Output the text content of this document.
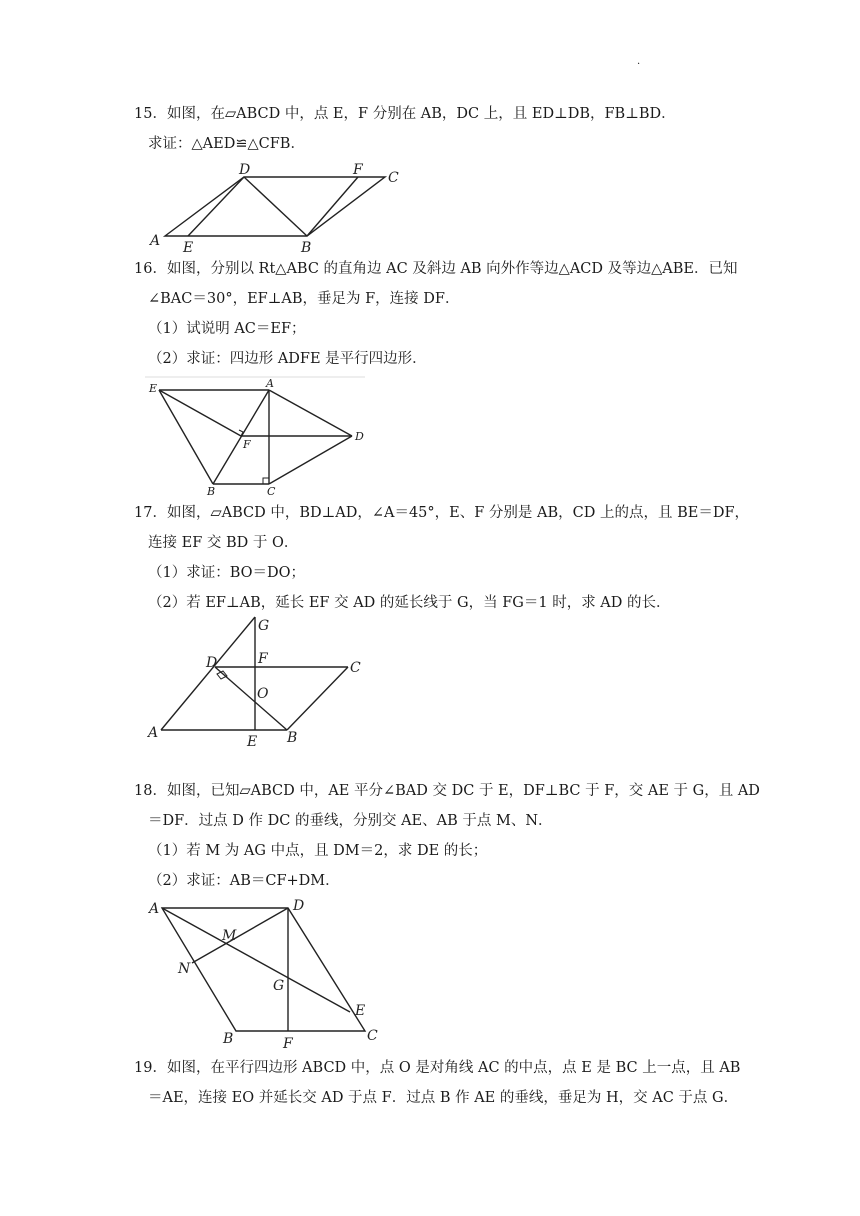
.
15．如图，在▱ABCD 中，点 E，F 分别在 AB，DC 上，且 ED⊥DB，FB⊥BD．
求证：△AED≌△CFB．
A E	B
C
D	F
16．如图，分别以 Rt△ABC 的直角边 AC 及斜边 AB 向外作等边△ACD 及等边△ABE．已知
∠BAC＝30°，EF⊥AB，垂足为 F，连接 DF．
（1）试说明 AC＝EF；
（2）求证：四边形 ADFE 是平行四边形．
E	A
D
F
B	C
17．如图，▱ABCD 中，BD⊥AD，∠A＝45°，E、F 分别是 AB，CD 上的点，且 BE＝DF，
连接 EF 交 BD 于 O．
（1）求证：BO＝DO；
（2）若 EF⊥AB，延长 EF 交 AD 的延长线于 G，当 FG＝1 时，求 AD 的长．
G
D	F
C
O
A
E B
18．如图，已知▱ABCD 中，AE 平分∠BAD 交 DC 于 E，DF⊥BC 于 F，交 AE 于 G，且 AD
＝DF．过点 D 作 DC 的垂线，分别交 AE、AB 于点 M、N．
（1）若 M 为 AG 中点，且 DM＝2，求 DE 的长；
（2）求证：AB＝CF+DM．
A	D
M
N
G
E
C
B	F
19．如图，在平行四边形 ABCD 中，点 O 是对角线 AC 的中点，点 E 是 BC 上一点，且 AB
＝AE，连接 EO 并延长交 AD 于点 F．过点 B 作 AE 的垂线，垂足为 H，交 AC 于点 G．
